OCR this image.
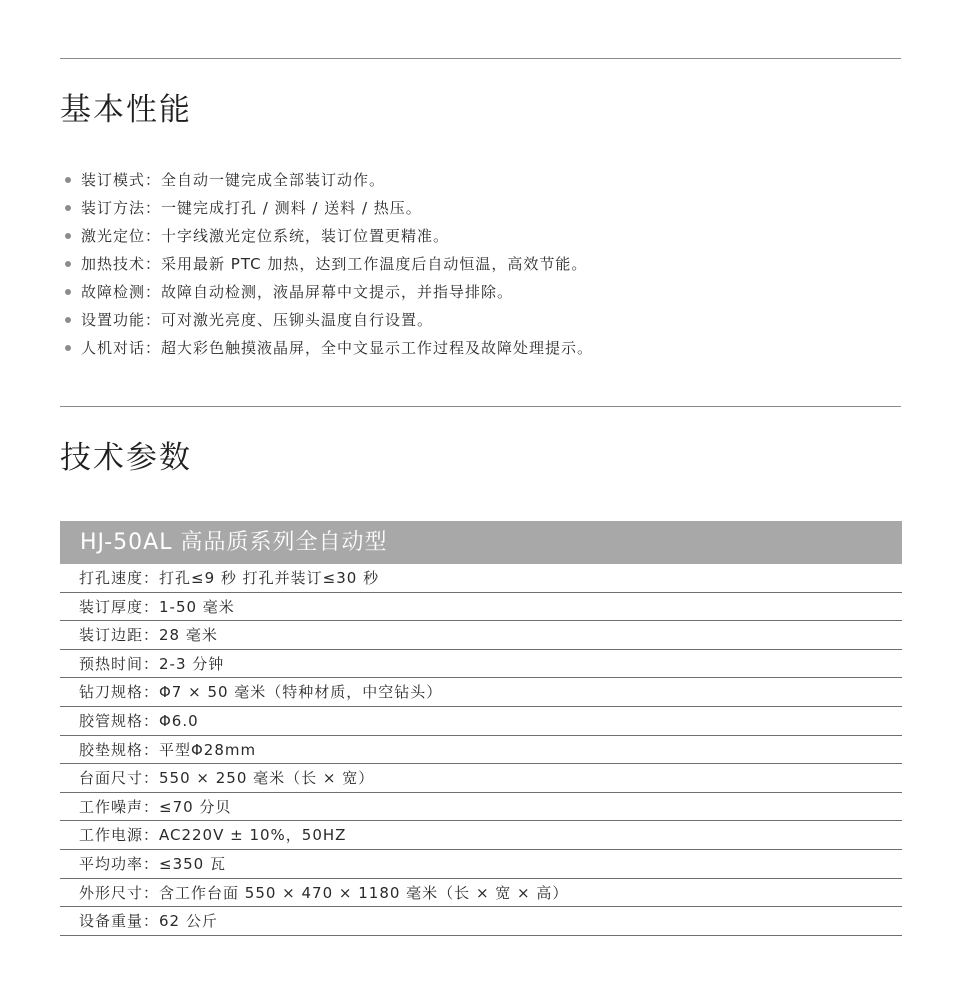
基本性能
装订模式：全自动一键完成全部装订动作。
装订方法：一键完成打孔 / 测料 / 送料 / 热压。
激光定位：十字线激光定位系统，装订位置更精准。
加热技术：采用最新 PTC 加热，达到工作温度后自动恒温，高效节能。
故障检测：故障自动检测，液晶屏幕中文提示，并指导排除。
设置功能：可对激光亮度、压铆头温度自行设置。
人机对话：超大彩色触摸液晶屏，全中文显示工作过程及故障处理提示。
技术参数
HJ-50AL 高品质系列全自动型
打孔速度：打孔≤9 秒 打孔并装订≤30 秒
装订厚度：1-50 毫米
装订边距：28 毫米
预热时间：2-3 分钟
钻刀规格：Φ7 × 50 毫米（特种材质，中空钻头）
胶管规格：Φ6.0
胶垫规格：平型Φ28mm
台面尺寸：550 × 250 毫米（长 × 宽）
工作噪声：≤70 分贝
工作电源：AC220V ± 10%，50HZ
平均功率：≤350 瓦
外形尺寸：含工作台面 550 × 470 × 1180 毫米（长 × 宽 × 高）
设备重量：62 公斤
